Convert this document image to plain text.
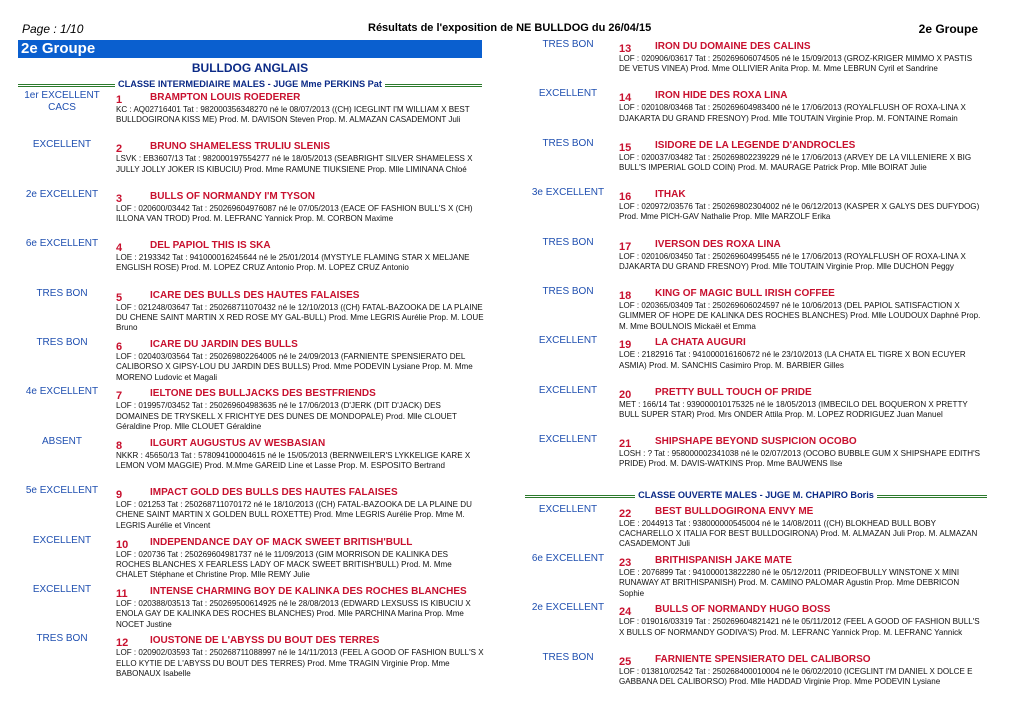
Page : 1/10	Résultats de l'exposition de NE BULLDOG du 26/04/15	2e Groupe
2e Groupe
BULLDOG ANGLAIS
CLASSE INTERMEDIAIRE MALES - JUGE Mme PERKINS Pat
1er EXCELLENT
CACS
1	BRAMPTON LOUIS ROEDERER
KC : AQ02716401 Tat : 982000356348270 né le 08/07/2013 ((CH) ICEGLINT I'M WILLIAM X BEST BULLDOGIRONA KISS ME) Prod. M. DAVISON Steven Prop. M. ALMAZAN CASADEMONT Juli
EXCELLENT	2	BRUNO SHAMELESS TRULIU SLENIS
LSVK : EB3607/13 Tat : 982000197554277 né le 18/05/2013 (SEABRIGHT SILVER SHAMELESS X JULLY JOLLY JOKER IS KIBUCIU) Prod. Mme RAMUNE TIUKSIENE Prop. Mlle LIMINANA Chloé
2e EXCELLENT	3	BULLS OF NORMANDY I'M TYSON
LOF : 020600/03442 Tat : 250269604976087 né le 07/05/2013 (EACE OF FASHION BULL'S X (CH) ILLONA VAN TROD) Prod. M. LEFRANC Yannick Prop. M. CORBON Maxime
6e EXCELLENT	4	DEL PAPIOL THIS IS SKA
LOE : 2193342 Tat : 941000016245644 né le 25/01/2014 (MYSTYLE FLAMING STAR X MELJANE ENGLISH ROSE) Prod. M. LOPEZ CRUZ Antonio Prop. M. LOPEZ CRUZ Antonio
TRES BON	5	ICARE DES BULLS DES HAUTES FALAISES
LOF : 021248/03647 Tat : 250268711070432 né le 12/10/2013 ((CH) FATAL-BAZOOKA DE LA PLAINE DU CHENE SAINT MARTIN X RED ROSE MY GAL-BULL) Prod. Mme LEGRIS Aurélie Prop. M. LOUE Bruno
TRES BON	6	ICARE DU JARDIN DES BULLS
LOF : 020403/03564 Tat : 250269802264005 né le 24/09/2013 (FARNIENTE SPENSIERATO DEL CALIBORSO X GIPSY-LOU DU JARDIN DES BULLS) Prod. Mme PODEVIN Lysiane Prop. M. Mme MORENO Ludovic et Magali
4e EXCELLENT	7	IELTONE DES BULLJACKS DES BESTFRIENDS
LOF : 019957/03452 Tat : 250269604983635 né le 17/06/2013 (D'JERK (DIT D'JACK) DES DOMAINES DE TRYSKELL X FRICHTYE DES DUNES DE MONDOPALE) Prod. Mlle CLOUET Géraldine Prop. Mlle CLOUET Géraldine
ABSENT	8	ILGURT AUGUSTUS AV WESBASIAN
NKKR : 45650/13 Tat : 578094100004615 né le 15/05/2013 (BERNWEILER'S LYKKELIGE KARE X LEMON VOM MAGGIE) Prod. M.Mme GAREID Line et Lasse Prop. M. ESPOSITO Bertrand
5e EXCELLENT	9	IMPACT GOLD DES BULLS DES HAUTES FALAISES
LOF : 021253 Tat : 250268711070172 né le 18/10/2013 ((CH) FATAL-BAZOOKA DE LA PLAINE DU CHENE SAINT MARTIN X GOLDEN BULL ROXETTE) Prod. Mme LEGRIS Aurélie Prop. Mme M. LEGRIS Aurélie et Vincent
EXCELLENT	10 INDEPENDANCE DAY OF MACK SWEET BRITISH'BULL
LOF : 020736 Tat : 250269604981737 né le 11/09/2013 (GIM MORRISON DE KALINKA DES ROCHES BLANCHES X FEARLESS LADY OF MACK SWEET BRITISH'BULL) Prod. M. Mme CHALET Stéphane et Christine Prop. Mlle REMY Julie
EXCELLENT	11 INTENSE CHARMING BOY DE KALINKA DES ROCHES BLANCHES
LOF : 020388/03513 Tat : 250269500614925 né le 28/08/2013 (EDWARD LEXSUSS IS KIBUCIU X ENOLA GAY DE KALINKA DES ROCHES BLANCHES) Prod. Mlle PARCHINA Marina Prop. Mme NOCET Justine
TRES BON	12 IOUSTONE DE L'ABYSS DU BOUT DES TERRES
LOF : 020902/03593 Tat : 250268711088997 né le 14/11/2013 (FEEL A GOOD OF FASHION BULL'S X ELLO KYTIE DE L'ABYSS DU BOUT DES TERRES) Prod. Mme TRAGIN Virginie Prop. Mme BABONAUX Isabelle
TRES BON	13 IRON DU DOMAINE DES CALINS
LOF : 020906/03617 Tat : 250269606074505 né le 15/09/2013 (GROZ-KRIGER MIMMO X PASTIS DE VETUS VINEA) Prod. Mme OLLIVIER Anita Prop. M. Mme LEBRUN Cyril et Sandrine
EXCELLENT	14 IRON HIDE DES ROXA LINA
LOF : 020108/03468 Tat : 250269604983400 né le 17/06/2013 (ROYALFLUSH OF ROXA-LINA X DJAKARTA DU GRAND FRESNOY) Prod. Mlle TOUTAIN Virginie Prop. M. FONTAINE Romain
TRES BON	15 ISIDORE DE LA LEGENDE D'ANDROCLES
LOF : 020037/03482 Tat : 250269802239229 né le 17/06/2013 (ARVEY DE LA VILLENIERE X BIG BULL'S IMPERIAL GOLD COIN) Prod. M. MAURAGE Patrick Prop. Mlle BOIRAT Julie
3e EXCELLENT	16 ITHAK
LOF : 020972/03576 Tat : 250269802304002 né le 06/12/2013 (KASPER X GALYS DES DUFYDOG) Prod. Mme PICH-GAV Nathalie Prop. Mlle MARZOLF Erika
TRES BON	17 IVERSON DES ROXA LINA
LOF : 020106/03450 Tat : 250269604995455 né le 17/06/2013 (ROYALFLUSH OF ROXA-LINA X DJAKARTA DU GRAND FRESNOY) Prod. Mlle TOUTAIN Virginie Prop. Mlle DUCHON Peggy
TRES BON	18 KING OF MAGIC BULL IRISH COFFEE
LOF : 020365/03409 Tat : 250269606024597 né le 10/06/2013 (DEL PAPIOL SATISFACTION X GLIMMER OF HOPE DE KALINKA DES ROCHES BLANCHES) Prod. Mlle LOUDOUX Daphné Prop. M. Mme BOULNOIS Mickaël et Emma
EXCELLENT	19 LA CHATA AUGURI
LOE : 2182916 Tat : 941000016160672 né le 23/10/2013 (LA CHATA EL TIGRE X BON ECUYER ASMIA) Prod. M. SANCHIS Casimiro Prop. M. BARBIER Gilles
EXCELLENT	20 PRETTY BULL TOUCH OF PRIDE
MET : 166/14 Tat : 939000010175325 né le 18/05/2013 (IMBECILO DEL BOQUERON X PRETTY BULL SUPER STAR) Prod. Mrs ONDER Attila Prop. M. LOPEZ RODRIGUEZ Juan Manuel
EXCELLENT	21 SHIPSHAPE BEYOND SUSPICION OCOBO
LOSH : ? Tat : 958000002341038 né le 02/07/2013 (OCOBO BUBBLE GUM X SHIPSHAPE EDITH'S PRIDE) Prod. M. DAVIS-WATKINS Prop. Mme BAUWENS Ilse
CLASSE OUVERTE MALES - JUGE M. CHAPIRO Boris
EXCELLENT	22 BEST BULLDOGIRONA ENVY ME
LOE : 2044913 Tat : 938000000545004 né le 14/08/2011 ((CH) BLOKHEAD BULL BOBY CACHARELLO X ITALIA FOR BEST BULLDOGIRONA) Prod. M. ALMAZAN Juli Prop. M. ALMAZAN CASADEMONT Juli
6e EXCELLENT	23 BRITHISPANISH JAKE MATE
LOE : 2076899 Tat : 941000013822280 né le 05/12/2011 (PRIDEOFBULLY WINSTONE X MINI RUNAWAY AT BRITHISPANISH) Prod. M. CAMINO PALOMAR Agustin Prop. Mme DEBRICON Sophie
2e EXCELLENT	24 BULLS OF NORMANDY HUGO BOSS
LOF : 019016/03319 Tat : 250269604821421 né le 05/11/2012 (FEEL A GOOD OF FASHION BULL'S X BULLS OF NORMANDY GODIVA'S) Prod. M. LEFRANC Yannick Prop. M. LEFRANC Yannick
TRES BON	25 FARNIENTE SPENSIERATO DEL CALIBORSO
LOF : 013810/02542 Tat : 250268400010004 né le 06/02/2010 (ICEGLINT I'M DANIEL X DOLCE E GABBANA DEL CALIBORSO) Prod. Mlle HADDAD Virginie Prop. Mme PODEVIN Lysiane
